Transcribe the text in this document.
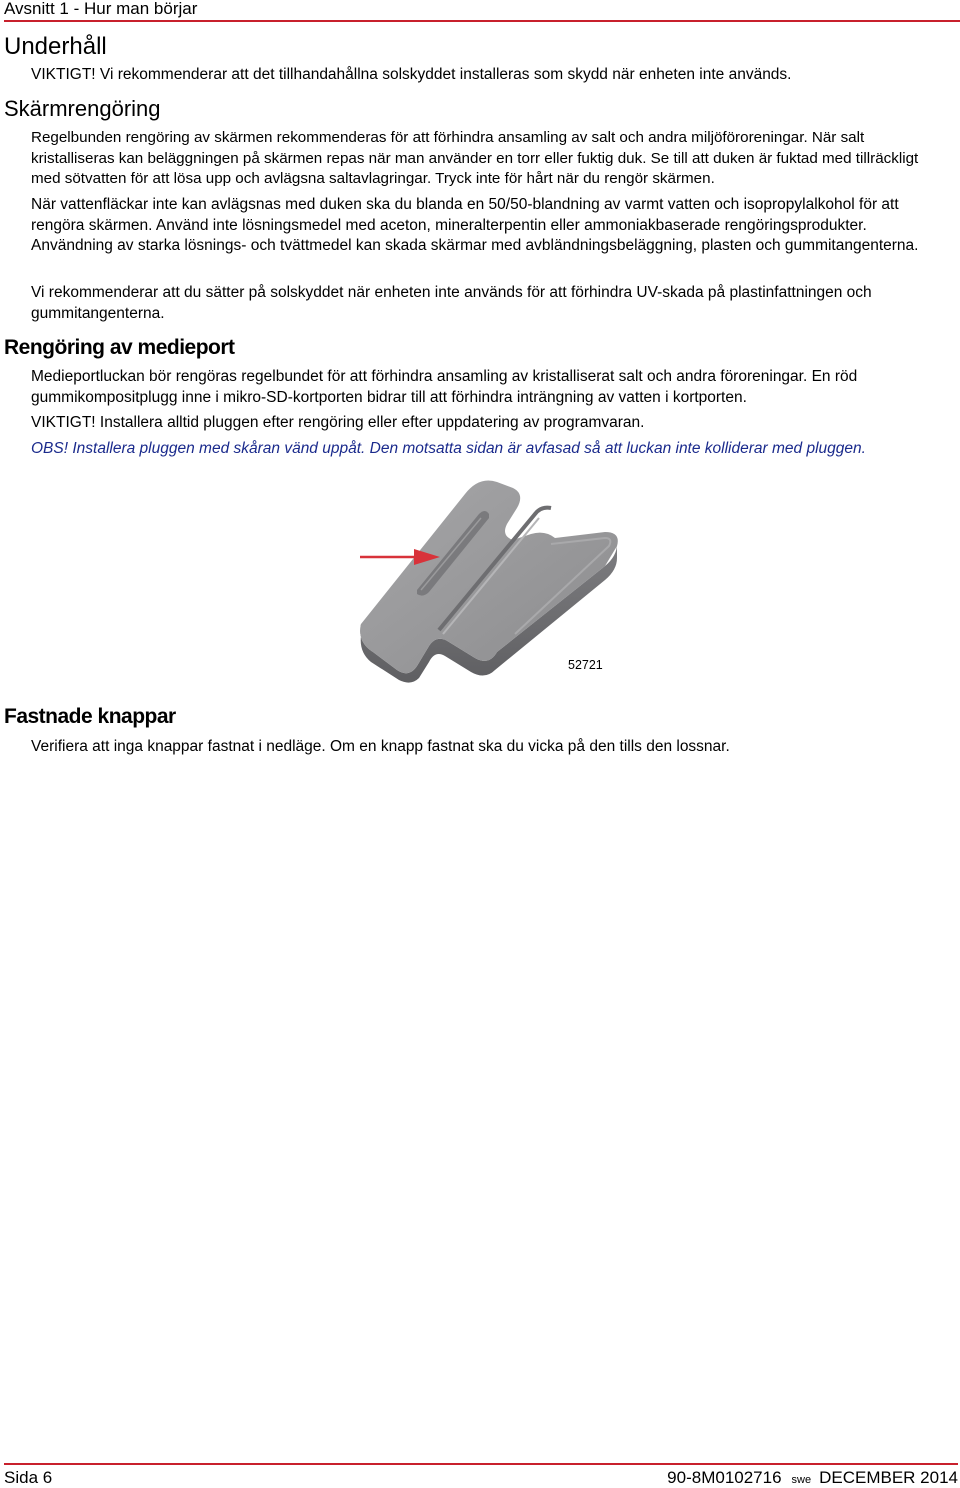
Avsnitt 1 - Hur man börjar
Underhåll
VIKTIGT! Vi rekommenderar att det tillhandahållna solskyddet installeras som skydd när enheten inte används.
Skärmrengöring
Regelbunden rengöring av skärmen rekommenderas för att förhindra ansamling av salt och andra miljöföroreningar. När salt kristalliseras kan beläggningen på skärmen repas när man använder en torr eller fuktig duk. Se till att duken är fuktad med tillräckligt med sötvatten för att lösa upp och avlägsna saltavlagringar. Tryck inte för hårt när du rengör skärmen.
När vattenfläckar inte kan avlägsnas med duken ska du blanda en 50/50-blandning av varmt vatten och isopropylalkohol för att rengöra skärmen. Använd inte lösningsmedel med aceton, mineralterpentin eller ammoniakbaserade rengöringsprodukter. Användning av starka lösnings- och tvättmedel kan skada skärmar med avbländningsbeläggning, plasten och gummitangenterna.
Vi rekommenderar att du sätter på solskyddet när enheten inte används för att förhindra UV-skada på plastinfattningen och gummitangenterna.
Rengöring av medieport
Medieportluckan bör rengöras regelbundet för att förhindra ansamling av kristalliserat salt och andra föroreningar. En röd gummikompositplugg inne i mikro-SD-kortporten bidrar till att förhindra inträngning av vatten i kortporten.
VIKTIGT! Installera alltid pluggen efter rengöring eller efter uppdatering av programvaran.
OBS! Installera pluggen med skåran vänd uppåt. Den motsatta sidan är avfasad så att luckan inte kolliderar med pluggen.
52721
Fastnade knappar
Verifiera att inga knappar fastnat i nedläge. Om en knapp fastnat ska du vicka på den tills den lossnar.
Sida 6	90-8M0102716 swe DECEMBER 2014
